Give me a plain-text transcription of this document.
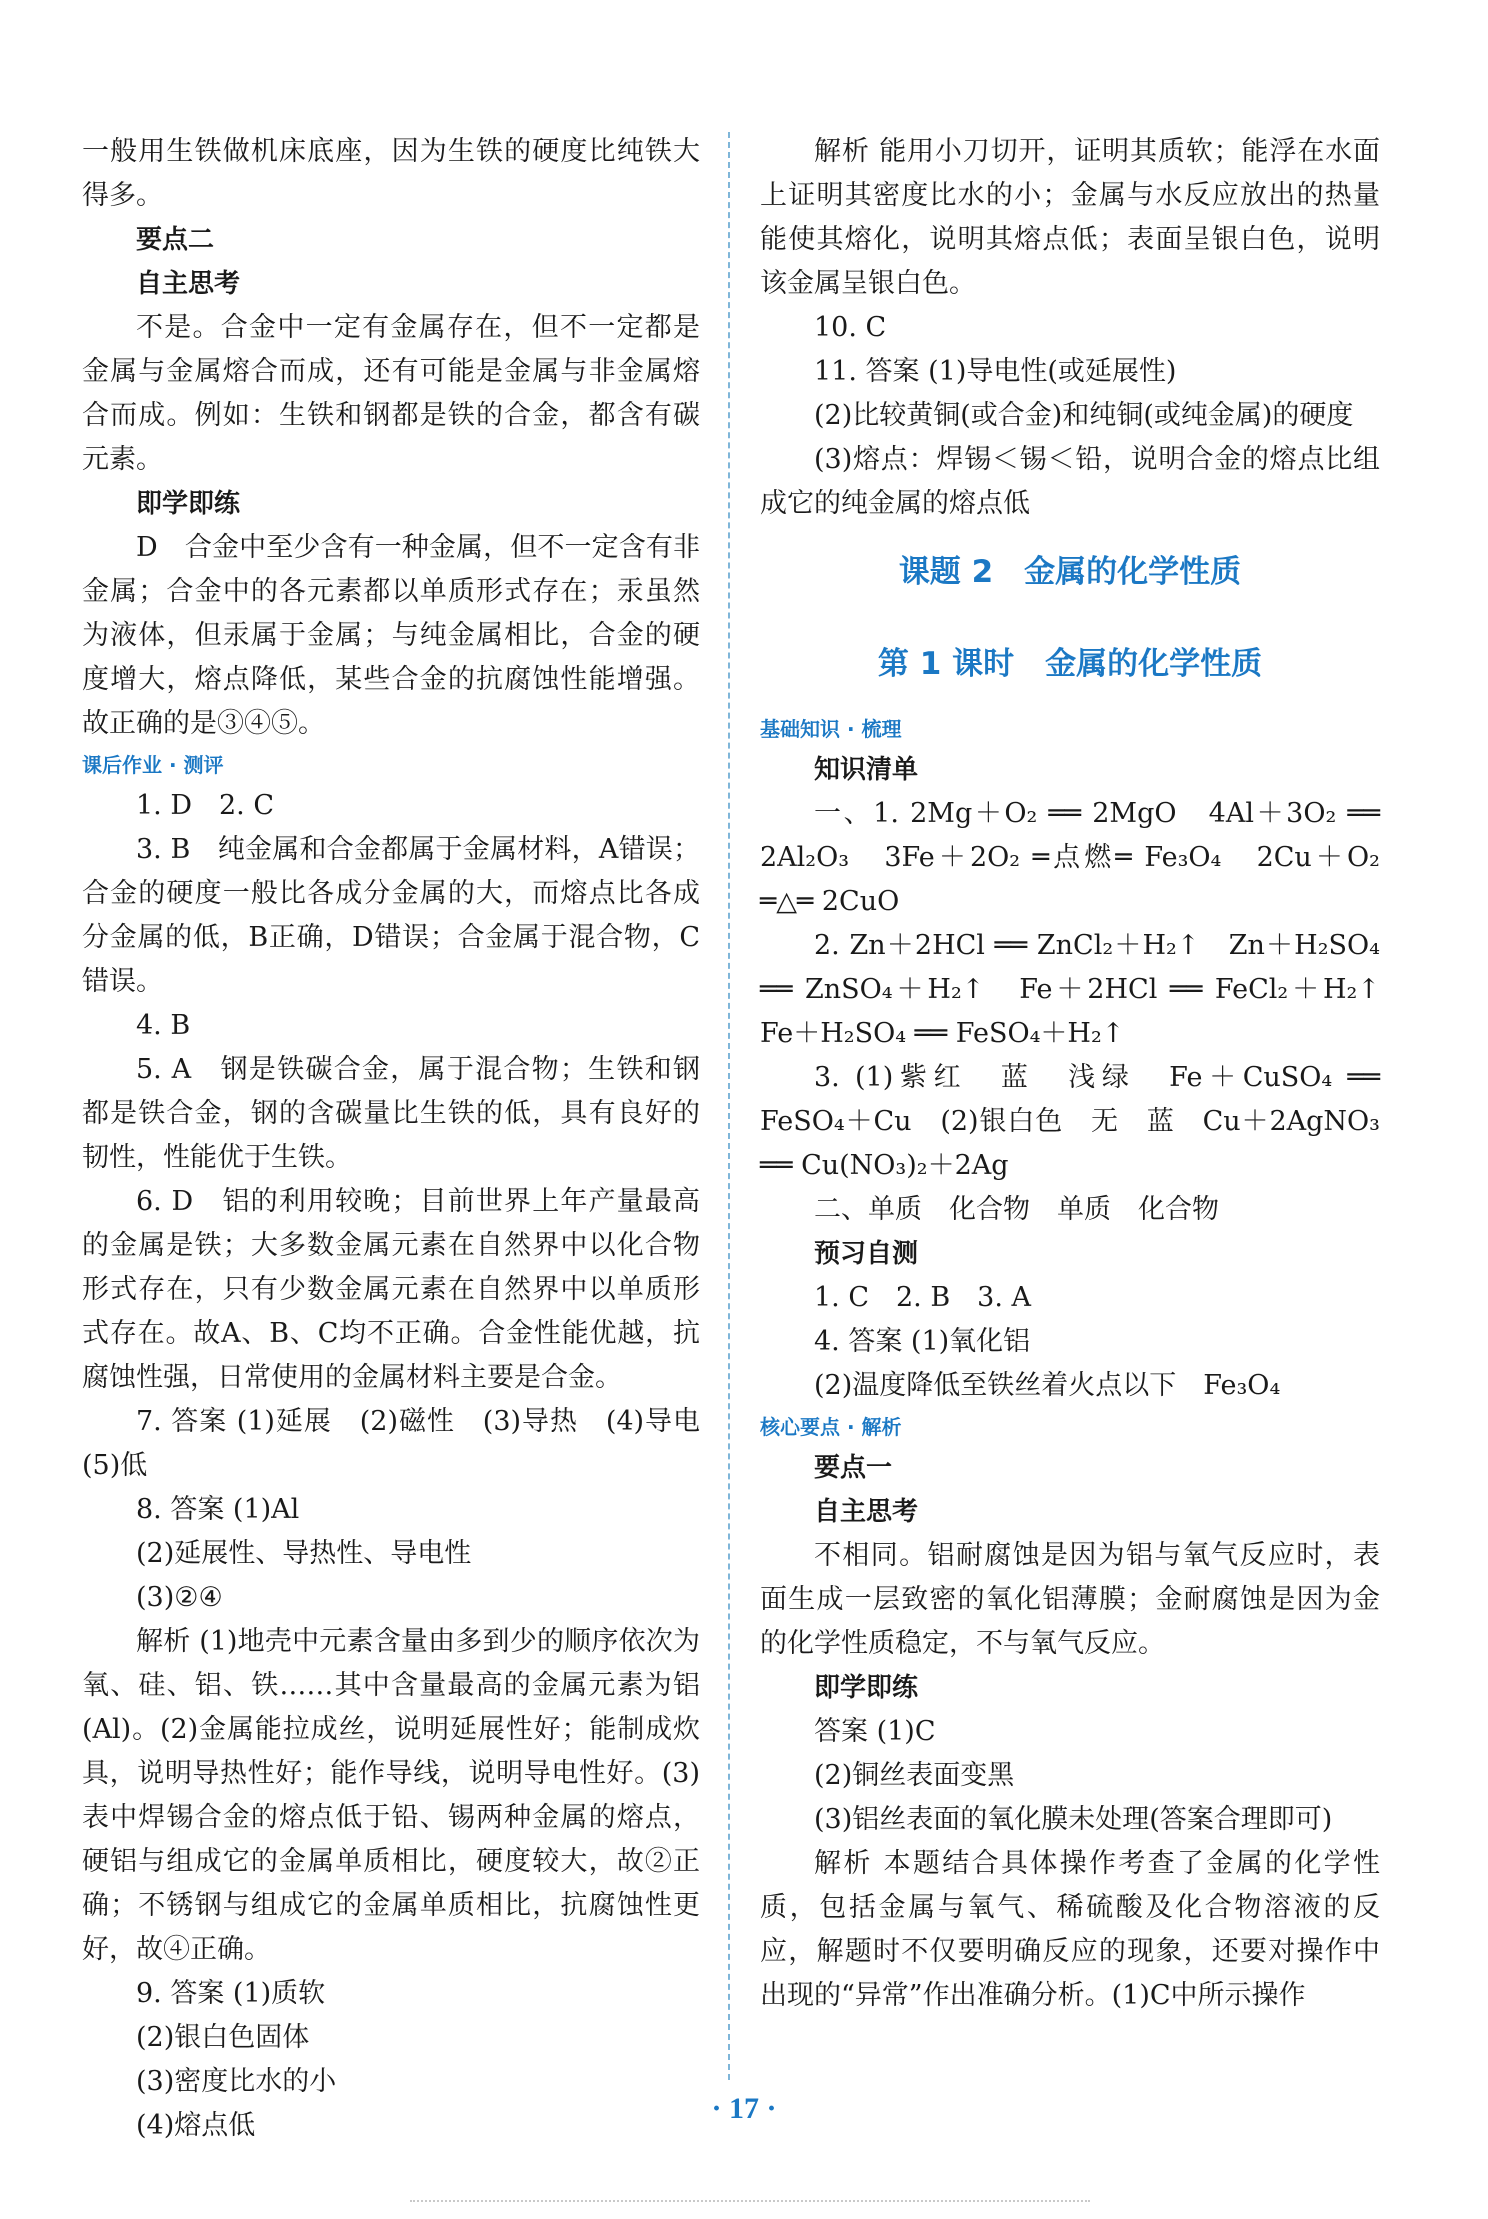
一般用生铁做机床底座，因为生铁的硬度比纯铁大得多。
要点二
自主思考
不是。合金中一定有金属存在，但不一定都是金属与金属熔合而成，还有可能是金属与非金属熔合而成。例如：生铁和钢都是铁的合金，都含有碳元素。
即学即练
D　合金中至少含有一种金属，但不一定含有非金属；合金中的各元素都以单质形式存在；汞虽然为液体，但汞属于金属；与纯金属相比，合金的硬度增大，熔点降低，某些合金的抗腐蚀性能增强。故正确的是③④⑤。
课后作业 · 测评
1. D　2. C
3. B　纯金属和合金都属于金属材料，A错误；合金的硬度一般比各成分金属的大，而熔点比各成分金属的低，B正确，D错误；合金属于混合物，C错误。
4. B
5. A　钢是铁碳合金，属于混合物；生铁和钢都是铁合金，钢的含碳量比生铁的低，具有良好的韧性，性能优于生铁。
6. D　铝的利用较晚；目前世界上年产量最高的金属是铁；大多数金属元素在自然界中以化合物形式存在，只有少数金属元素在自然界中以单质形式存在。故A、B、C均不正确。合金性能优越，抗腐蚀性强，日常使用的金属材料主要是合金。
7. 答案 (1)延展　(2)磁性　(3)导热　(4)导电　(5)低
8. 答案 (1)Al
(2)延展性、导热性、导电性
(3)②④
解析 (1)地壳中元素含量由多到少的顺序依次为氧、硅、铝、铁……其中含量最高的金属元素为铝(Al)。(2)金属能拉成丝，说明延展性好；能制成炊具，说明导热性好；能作导线，说明导电性好。(3)表中焊锡合金的熔点低于铅、锡两种金属的熔点，硬铝与组成它的金属单质相比，硬度较大，故②正确；不锈钢与组成它的金属单质相比，抗腐蚀性更好，故④正确。
9. 答案 (1)质软
(2)银白色固体
(3)密度比水的小
(4)熔点低
解析 能用小刀切开，证明其质软；能浮在水面上证明其密度比水的小；金属与水反应放出的热量能使其熔化，说明其熔点低；表面呈银白色，说明该金属呈银白色。
10. C
11. 答案 (1)导电性(或延展性)
(2)比较黄铜(或合金)和纯铜(或纯金属)的硬度
(3)熔点：焊锡＜锡＜铅，说明合金的熔点比组成它的纯金属的熔点低
课题 2　金属的化学性质
第 1 课时　金属的化学性质
基础知识 · 梳理
知识清单
一、1. 2Mg＋O₂ ══ 2MgO　4Al＋3O₂ ══ 2Al₂O₃　3Fe＋2O₂ ═点燃═ Fe₃O₄　2Cu＋O₂ ═△═ 2CuO
2. Zn＋2HCl ══ ZnCl₂＋H₂↑　Zn＋H₂SO₄ ══ ZnSO₄＋H₂↑　Fe＋2HCl ══ FeCl₂＋H₂↑　Fe＋H₂SO₄ ══ FeSO₄＋H₂↑
3. (1)紫红　蓝　浅绿　Fe＋CuSO₄ ══ FeSO₄＋Cu　(2)银白色　无　蓝　Cu＋2AgNO₃ ══ Cu(NO₃)₂＋2Ag
二、单质　化合物　单质　化合物
预习自测
1. C　2. B　3. A
4. 答案 (1)氧化铝
(2)温度降低至铁丝着火点以下　Fe₃O₄
核心要点 · 解析
要点一
自主思考
不相同。铝耐腐蚀是因为铝与氧气反应时，表面生成一层致密的氧化铝薄膜；金耐腐蚀是因为金的化学性质稳定，不与氧气反应。
即学即练
答案 (1)C
(2)铜丝表面变黑
(3)铝丝表面的氧化膜未处理(答案合理即可)
解析 本题结合具体操作考查了金属的化学性质，包括金属与氧气、稀硫酸及化合物溶液的反应，解题时不仅要明确反应的现象，还要对操作中出现的“异常”作出准确分析。(1)C中所示操作
· 17 ·
